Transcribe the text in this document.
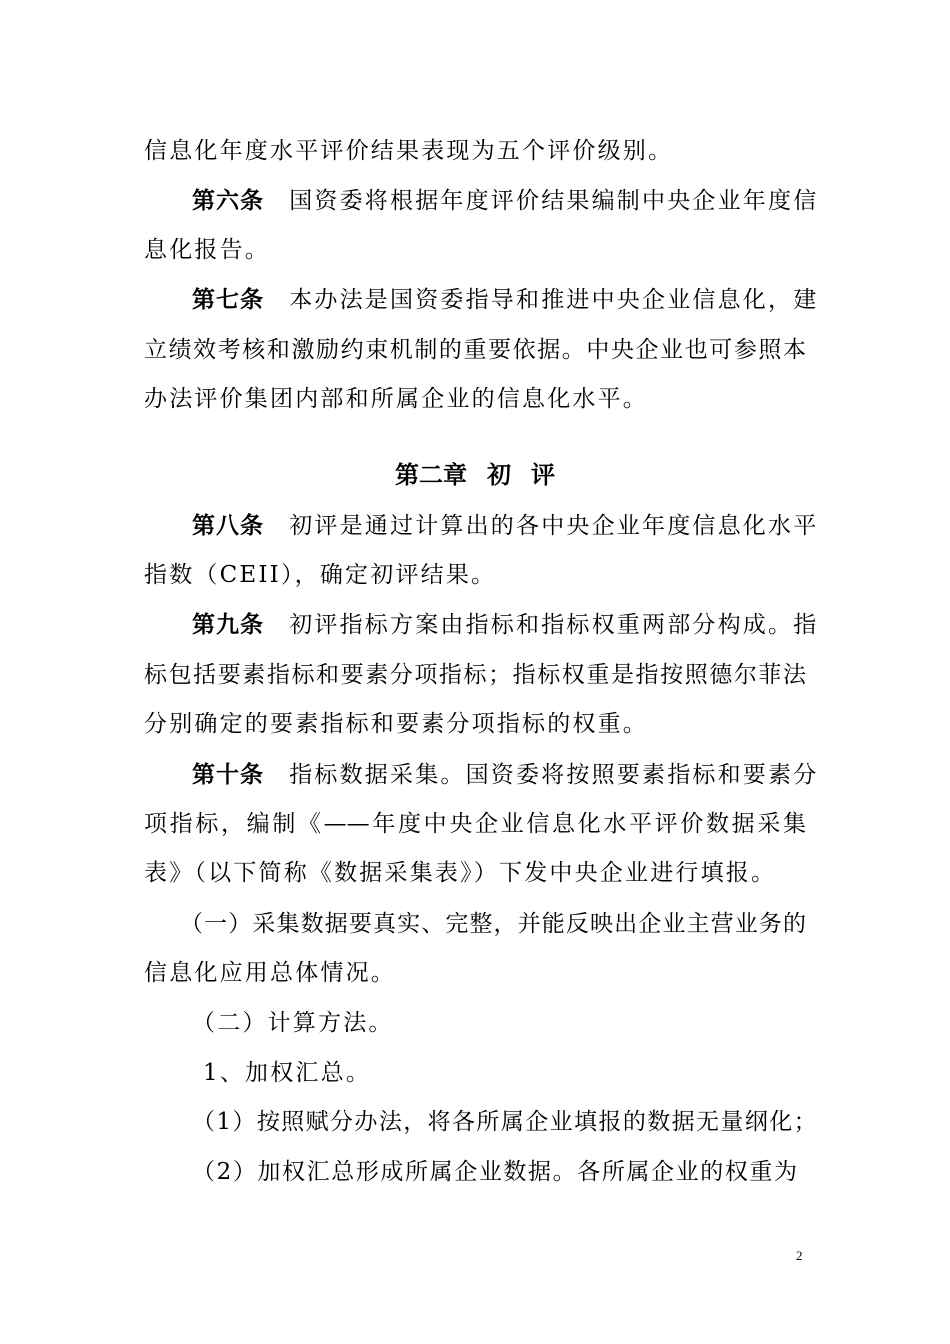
信息化年度水平评价结果表现为五个评价级别。
第六条　 国资委将根据年度评价结果编制中央企业年度信
息化报告。
第七条　 本办法是国资委指导和推进中央企业信息化，建
立绩效考核和激励约束机制的重要依据。中央企业也可参照本
办法评价集团内部和所属企业的信息化水平。
第二章 初 评
第八条　 初评是通过计算出的各中央企业年度信息化水平
指数（CEII），确定初评结果。
第九条　 初评指标方案由指标和指标权重两部分构成。指
标包括要素指标和要素分项指标；指标权重是指按照德尔菲法
分别确定的要素指标和要素分项指标的权重。
第十条　 指标数据采集。国资委将按照要素指标和要素分
项指标，编制《——年度中央企业信息化水平评价数据采集
表》（以下简称《数据采集表》）下发中央企业进行填报。
（一）采集数据要真实、完整，并能反映出企业主营业务的
信息化应用总体情况。
（二）计算方法。
1、加权汇总。
（1）按照赋分办法，将各所属企业填报的数据无量纲化；
（2）加权汇总形成所属企业数据。各所属企业的权重为
2
